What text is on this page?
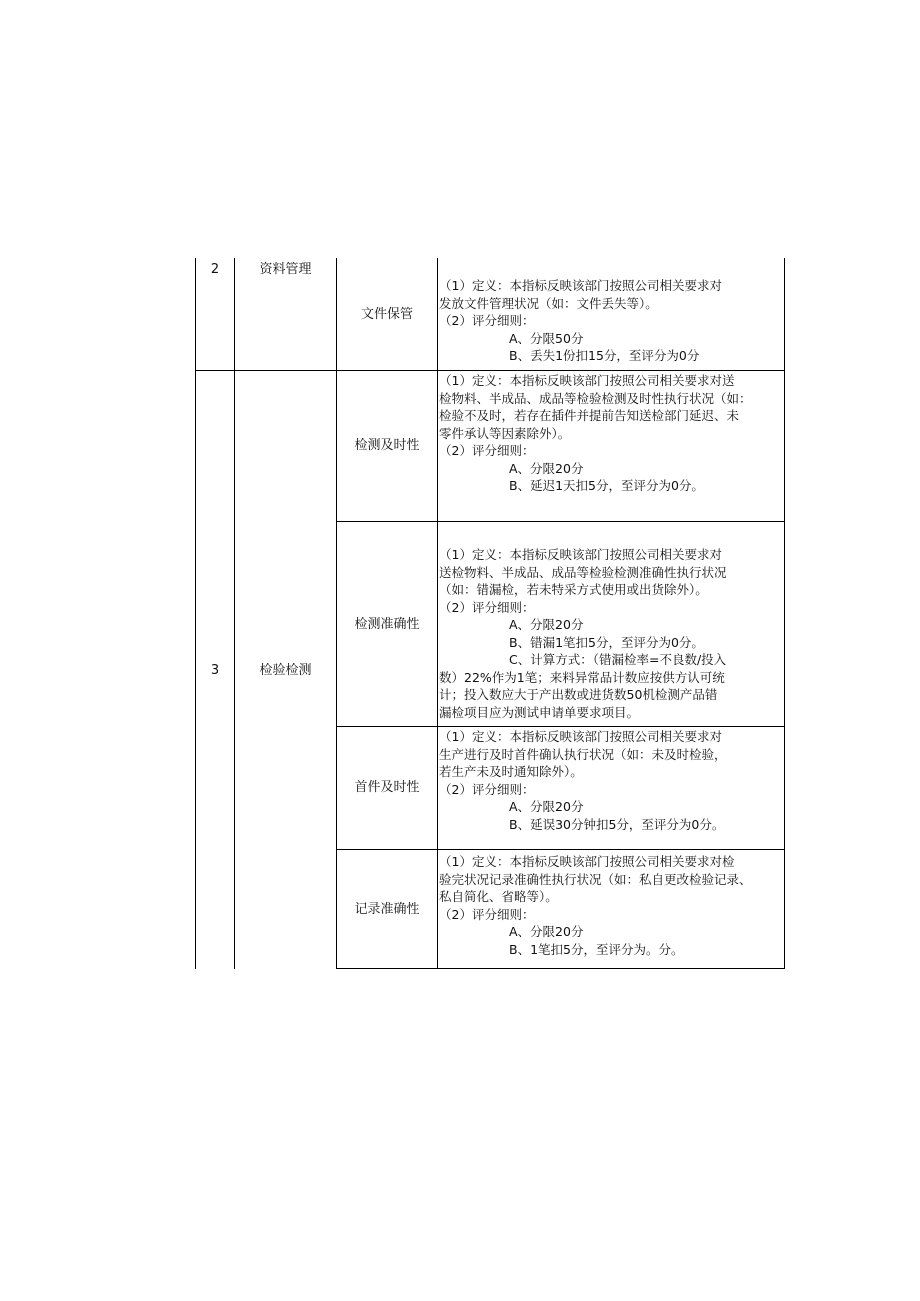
2	资料管理
文件保管
（1）定义：本指标反映该部门按照公司相关要求对
发放文件管理状况（如：文件丢失等）。
（2）评分细则：
A、分限50分
B、丢失1份扣15分，至评分为0分
3	检验检测
检测及时性
（1）定义：本指标反映该部门按照公司相关要求对送
检物料、半成品、成品等检验检测及时性执行状况（如：
检验不及时，若存在插件并提前告知送检部门延迟、未
零件承认等因素除外）。
（2）评分细则：
A、分限20分
B、延迟1天扣5分，至评分为0分。
检测准确性
（1）定义：本指标反映该部门按照公司相关要求对
送检物料、半成品、成品等检验检测准确性执行状况
（如：错漏检，若未特采方式使用或出货除外）。
（2）评分细则：
A、分限20分
B、错漏1笔扣5分，至评分为0分。
C、计算方式：（错漏检率=不良数/投入
数）22%作为1笔；来料异常品计数应按供方认可统
计；投入数应大于产出数或进货数50机检测产品错
漏检项目应为测试申请单要求项目。
首件及时性
（1）定义：本指标反映该部门按照公司相关要求对
生产进行及时首件确认执行状况（如：未及时检验，
若生产未及时通知除外）。
（2）评分细则：
A、分限20分
B、延误30分钟扣5分，至评分为0分。
记录准确性
（1）定义：本指标反映该部门按照公司相关要求对检
验完状况记录准确性执行状况（如：私自更改检验记录、
私自简化、省略等）。
（2）评分细则：
A、分限20分
B、1笔扣5分，至评分为。分。
